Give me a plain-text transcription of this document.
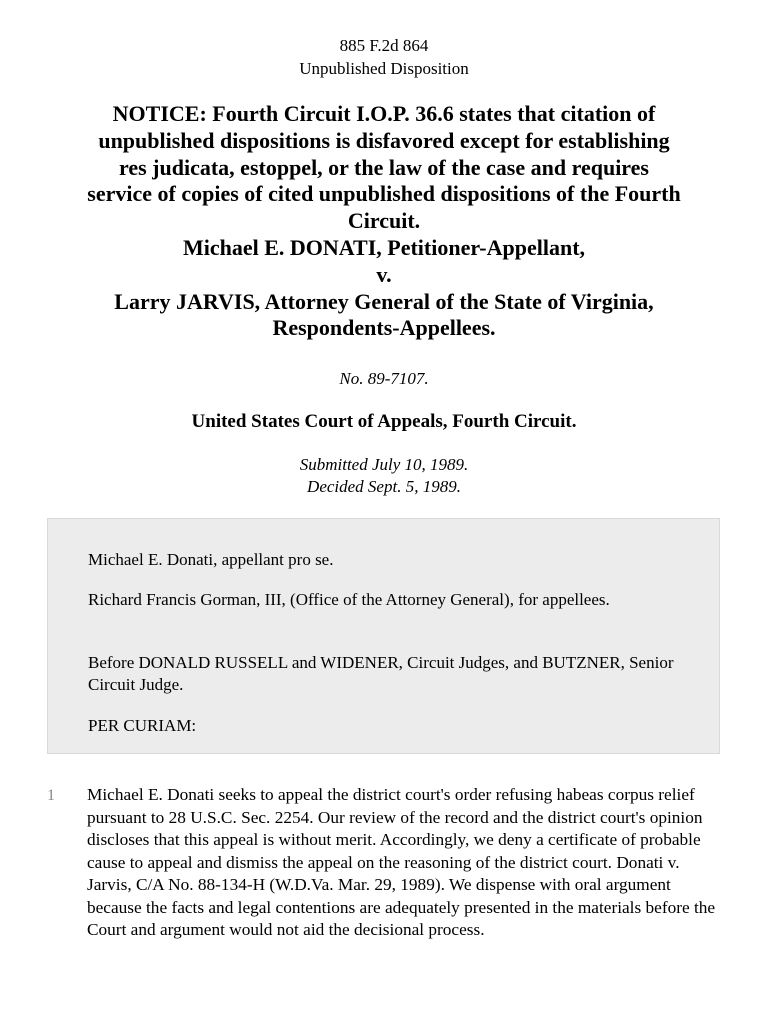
885 F.2d 864
Unpublished Disposition
NOTICE: Fourth Circuit I.O.P. 36.6 states that citation of
unpublished dispositions is disfavored except for establishing
res judicata, estoppel, or the law of the case and requires
service of copies of cited unpublished dispositions of the Fourth
Circuit.
Michael E. DONATI, Petitioner-Appellant,
v.
Larry JARVIS, Attorney General of the State of Virginia,
Respondents-Appellees.
No. 89-7107.
United States Court of Appeals, Fourth Circuit.
Submitted July 10, 1989.
Decided Sept. 5, 1989.

Michael E. Donati, appellant pro se.

Richard Francis Gorman, III, (Office of the Attorney General), for appellees.

Before DONALD RUSSELL and WIDENER, Circuit Judges, and BUTZNER, Senior Circuit Judge.

PER CURIAM:

1 Michael E. Donati seeks to appeal the district court's order refusing habeas corpus relief pursuant to 28 U.S.C. Sec. 2254. Our review of the record and the district court's opinion discloses that this appeal is without merit. Accordingly, we deny a certificate of probable cause to appeal and dismiss the appeal on the reasoning of the district court. Donati v. Jarvis, C/A No. 88-134-H (W.D.Va. Mar. 29, 1989). We dispense with oral argument because the facts and legal contentions are adequately presented in the materials before the Court and argument would not aid the decisional process.
